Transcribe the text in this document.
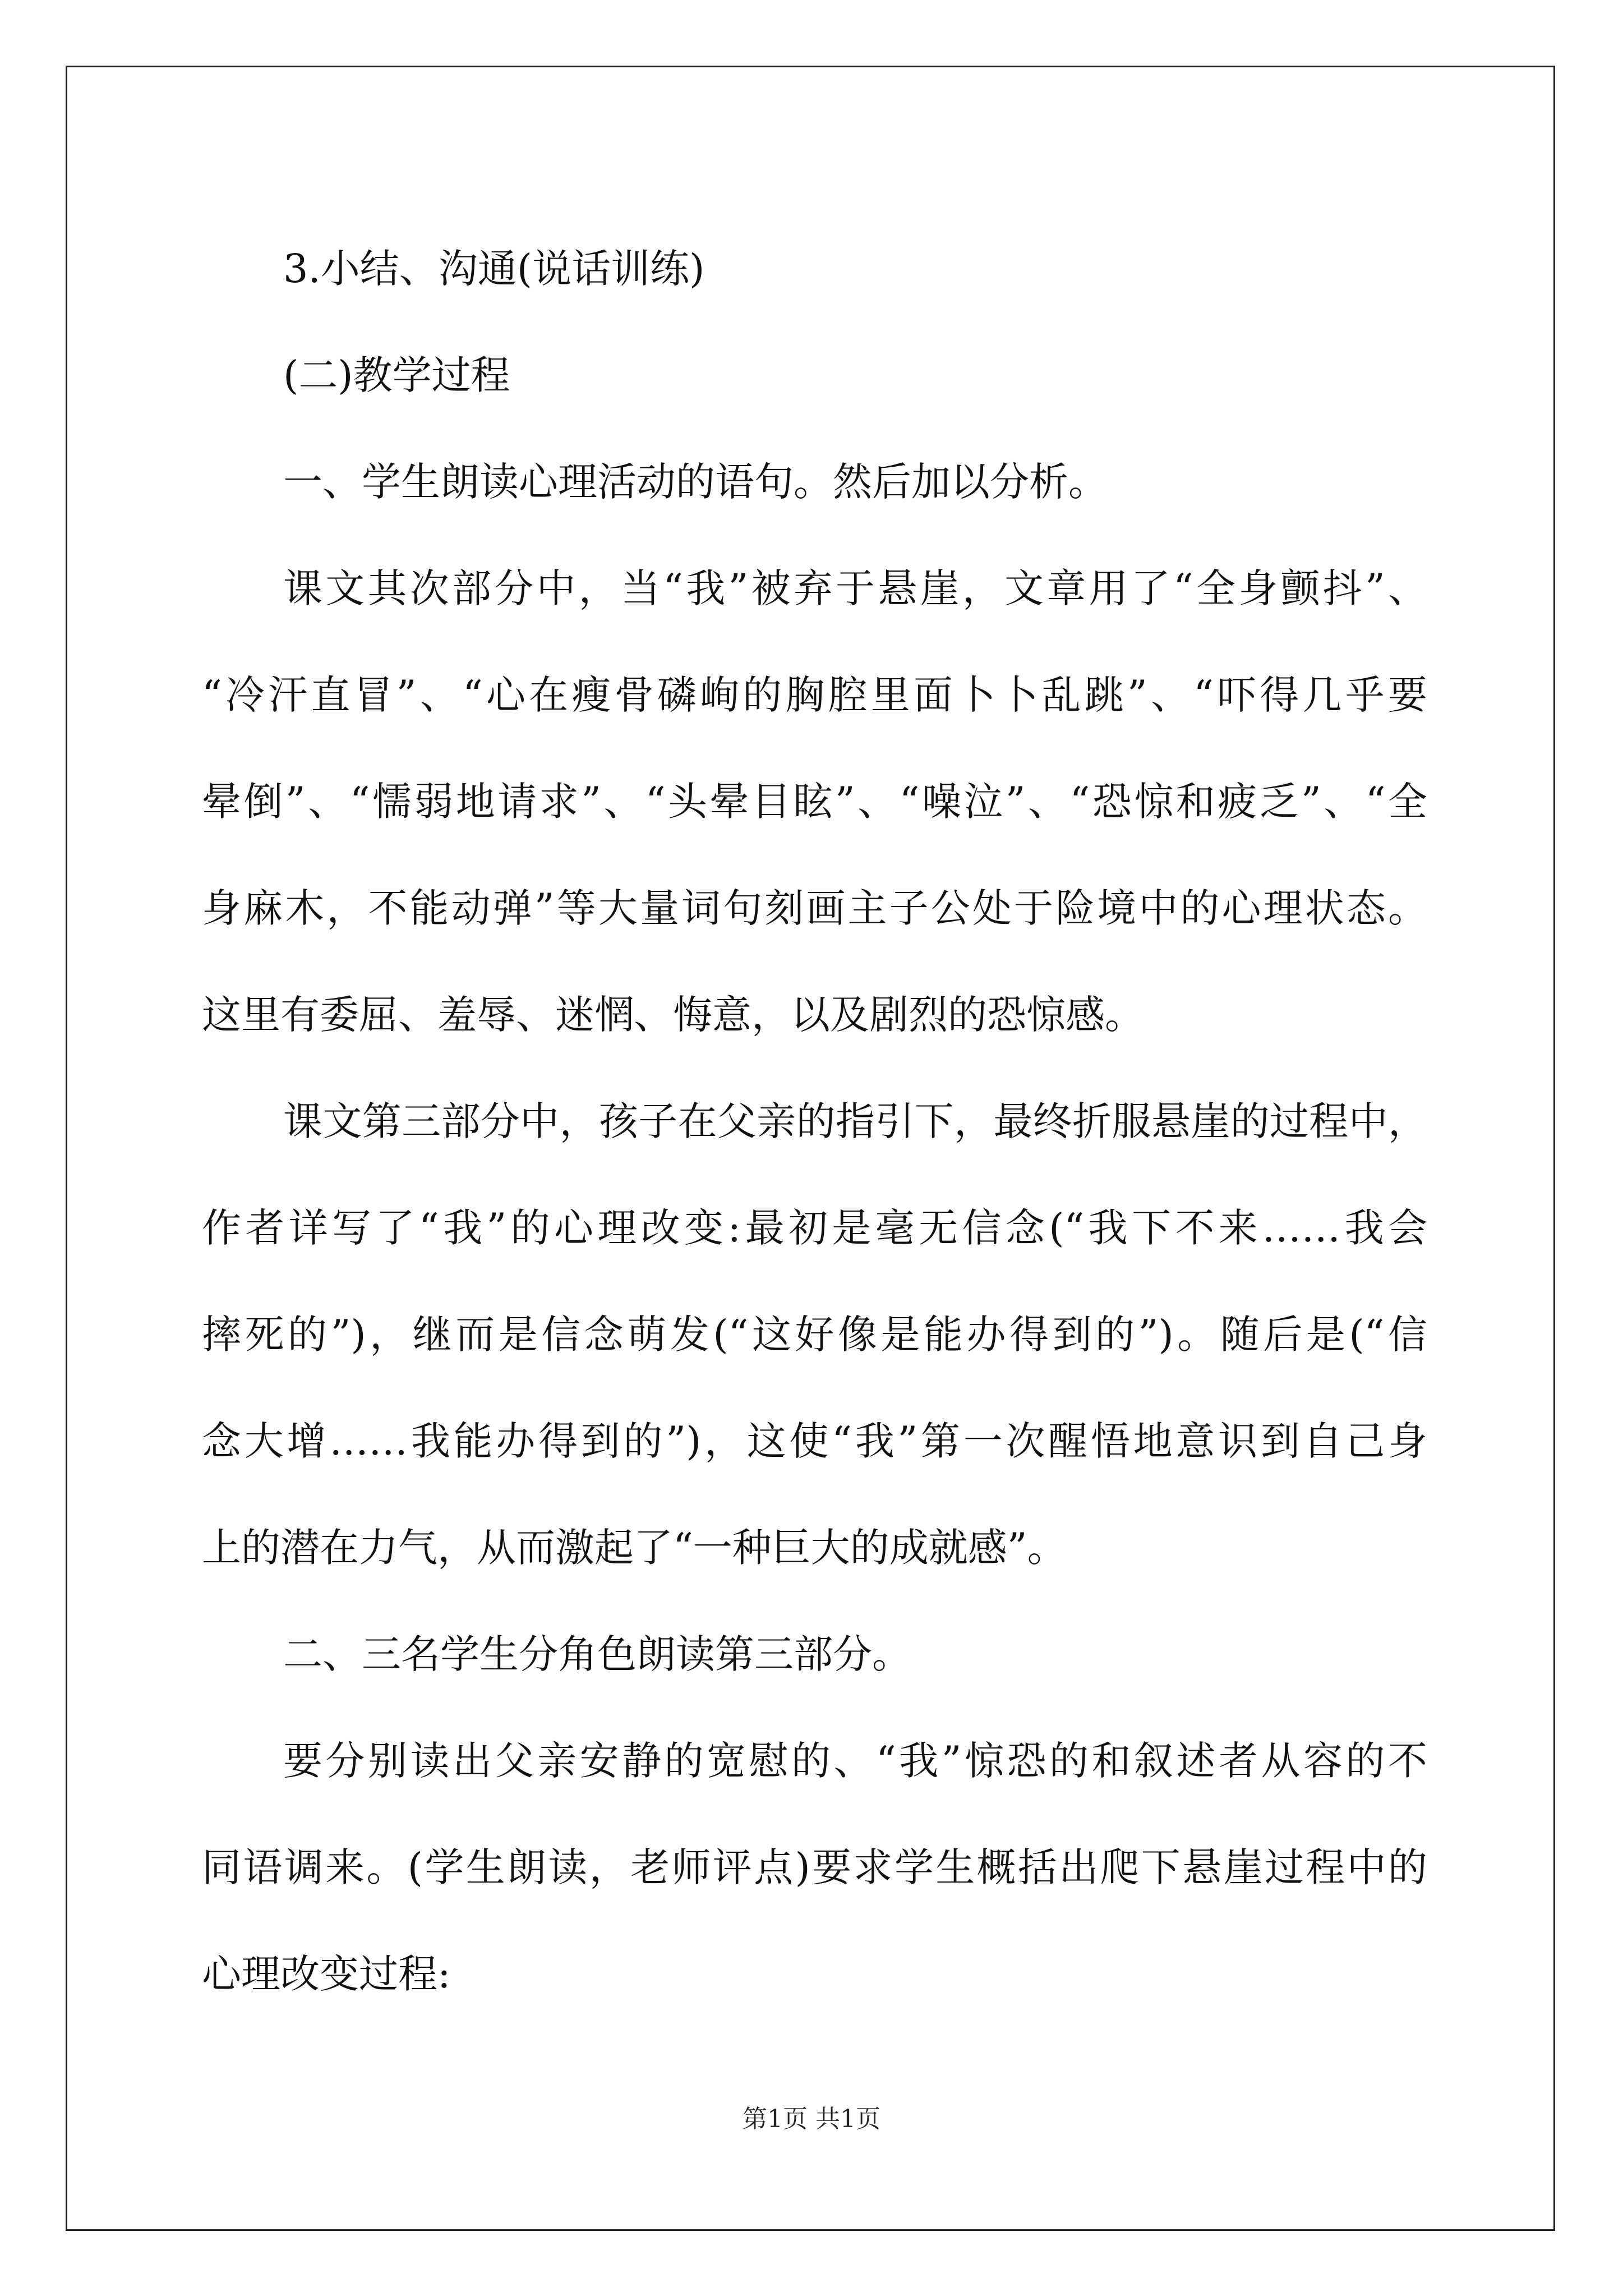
3.小结、沟通(说话训练)
(二)教学过程
一、学生朗读心理活动的语句。然后加以分析。
课文其次部分中，当“我”被弃于悬崖，文章用了“全身颤抖”、
“冷汗直冒”、“心在瘦骨磷峋的胸腔里面卜卜乱跳”、“吓得几乎要
晕倒”、“懦弱地请求”、“头晕目眩”、“噪泣”、“恐惊和疲乏”、“全
身麻木，不能动弹”等大量词句刻画主子公处于险境中的心理状态。
这里有委屈、羞辱、迷惘、悔意，以及剧烈的恐惊感。
课文第三部分中，孩子在父亲的指引下，最终折服悬崖的过程中，
作者详写了“我”的心理改变:最初是毫无信念(“我下不来……我会
摔死的”)，继而是信念萌发(“这好像是能办得到的”)。随后是(“信
念大增……我能办得到的”)，这使“我”第一次醒悟地意识到自己身
上的潜在力气，从而激起了“一种巨大的成就感”。
二、三名学生分角色朗读第三部分。
要分别读出父亲安静的宽慰的、“我”惊恐的和叙述者从容的不
同语调来。(学生朗读，老师评点)要求学生概括出爬下悬崖过程中的
心理改变过程:
第1页 共1页
